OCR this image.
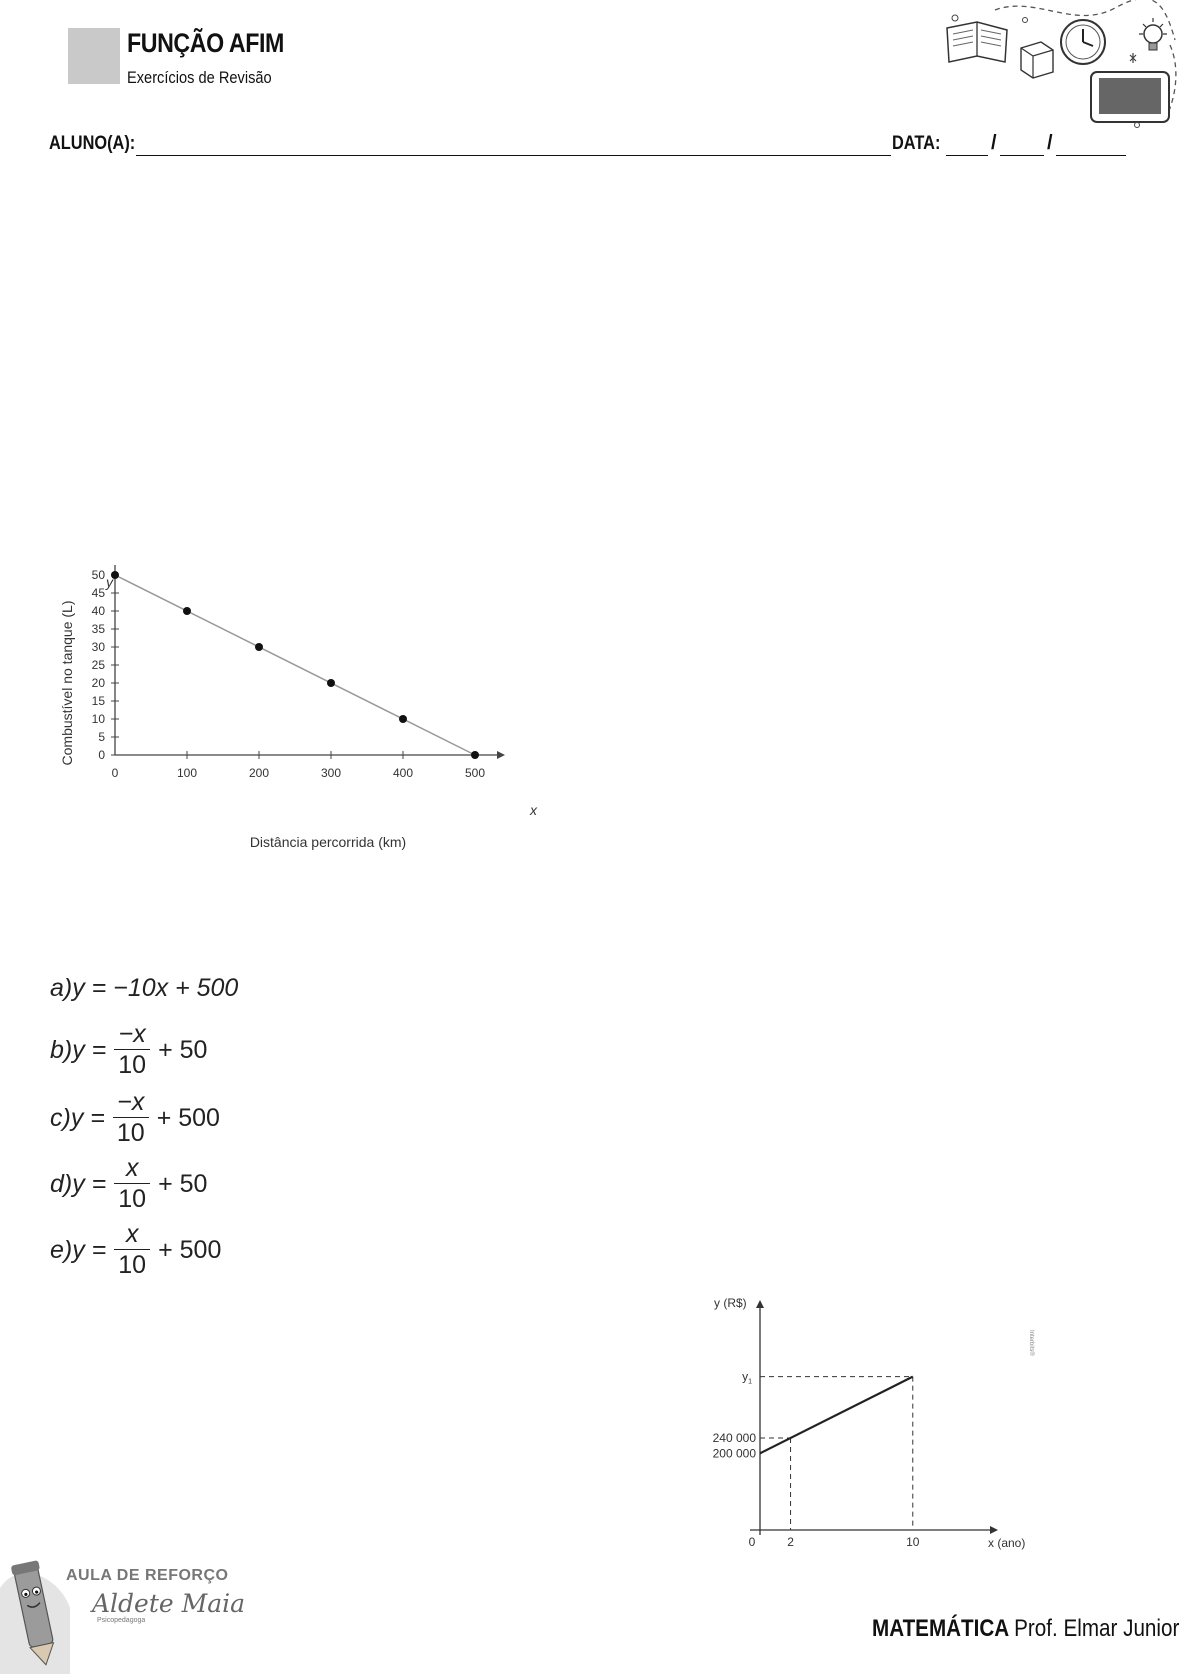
FUNÇÃO AFIM
Exercícios de Revisão
ALUNO(A):	DATA:	/	/
0
5
10
15
20
25
30
35
40
45
50
0	100	200	300	400	500
Distância percorrida (km)
Combustível no tanque (L)
x
y
a) y = −10x + 500
b) $y = \frac{-x}{10} + 50$
c) $y = \frac{-x}{10} + 500$
d) $y = \frac{x}{10} + 50$
e) $y = \frac{x}{10} + 500$
200 000
240 000
$y_1$
0	2	10
y (R$)
x (ano)
Interbits®
AULA DE REFORÇO
Aldete Maia
Psicopedagoga	MATEMÁTICA Prof. Elmar Junior
